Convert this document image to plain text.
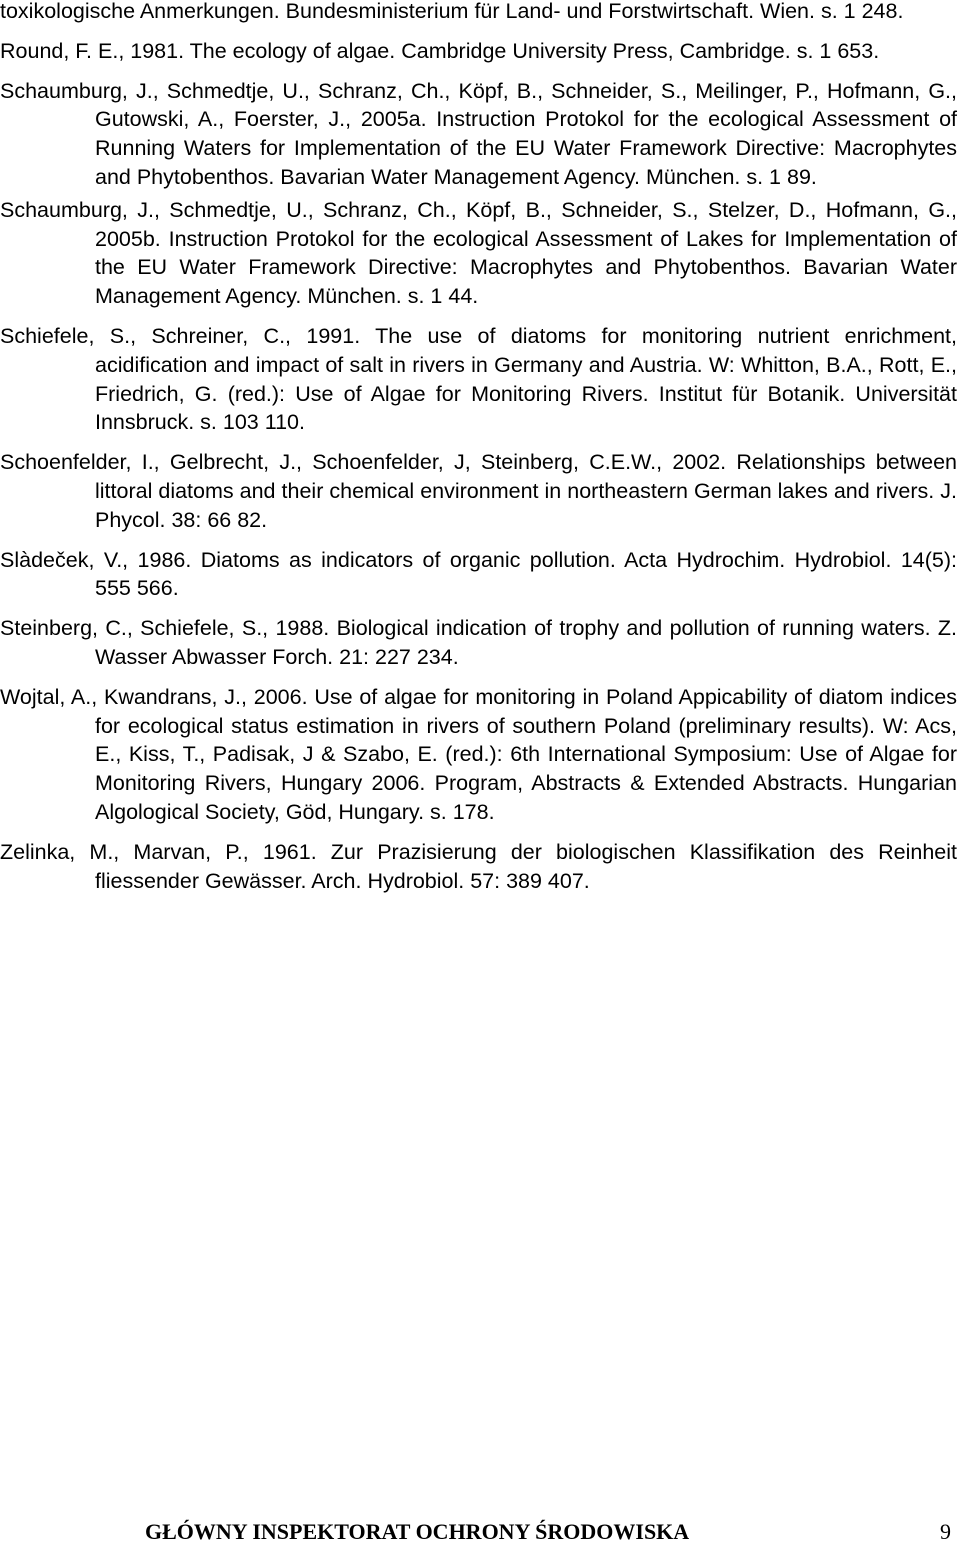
toxikologische Anmerkungen. Bundesministerium für Land- und Forstwirtschaft. Wien. s. 1 248.

Round, F. E., 1981. The ecology of algae. Cambridge University Press, Cambridge. s. 1 653.

Schaumburg, J., Schmedtje, U., Schranz, Ch., Köpf, B., Schneider, S., Meilinger, P., Hofmann, G., Gutowski, A., Foerster, J., 2005a. Instruction Protokol for the ecological Assessment of Running Waters for Implementation of the EU Water Framework Directive: Macrophytes and Phytobenthos. Bavarian Water Management Agency. München. s. 1 89.

Schaumburg, J., Schmedtje, U., Schranz, Ch., Köpf, B., Schneider, S., Stelzer, D., Hofmann, G., 2005b. Instruction Protokol for the ecological Assessment of Lakes for Implementation of the EU Water Framework Directive: Macrophytes and Phytobenthos. Bavarian Water Management Agency. München. s. 1 44.

Schiefele, S., Schreiner, C., 1991. The use of diatoms for monitoring nutrient enrichment, acidification and impact of salt in rivers in Germany and Austria. W: Whitton, B.A., Rott, E., Friedrich, G. (red.): Use of Algae for Monitoring Rivers. Institut für Botanik. Universität Innsbruck. s. 103 110.

Schoenfelder, I., Gelbrecht, J., Schoenfelder, J, Steinberg, C.E.W., 2002. Relationships between littoral diatoms and their chemical environment in northeastern German lakes and rivers. J. Phycol. 38: 66 82.

Slàdeček, V., 1986. Diatoms as indicators of organic pollution. Acta Hydrochim. Hydrobiol. 14(5): 555 566.

Steinberg, C., Schiefele, S., 1988. Biological indication of trophy and pollution of running waters. Z. Wasser Abwasser Forch. 21: 227 234.

Wojtal, A., Kwandrans, J., 2006. Use of algae for monitoring in Poland Appicability of diatom indices for ecological status estimation in rivers of southern Poland (preliminary results). W: Acs, E., Kiss, T., Padisak, J & Szabo, E. (red.): 6th International Symposium: Use of Algae for Monitoring Rivers, Hungary 2006. Program, Abstracts & Extended Abstracts. Hungarian Algological Society, Göd, Hungary. s. 178.

Zelinka, M., Marvan, P., 1961. Zur Prazisierung der biologischen Klassifikation des Reinheit fliessender Gewässer. Arch. Hydrobiol. 57: 389 407.

GŁÓWNY INSPEKTORAT OCHRONY ŚRODOWISKA	9
